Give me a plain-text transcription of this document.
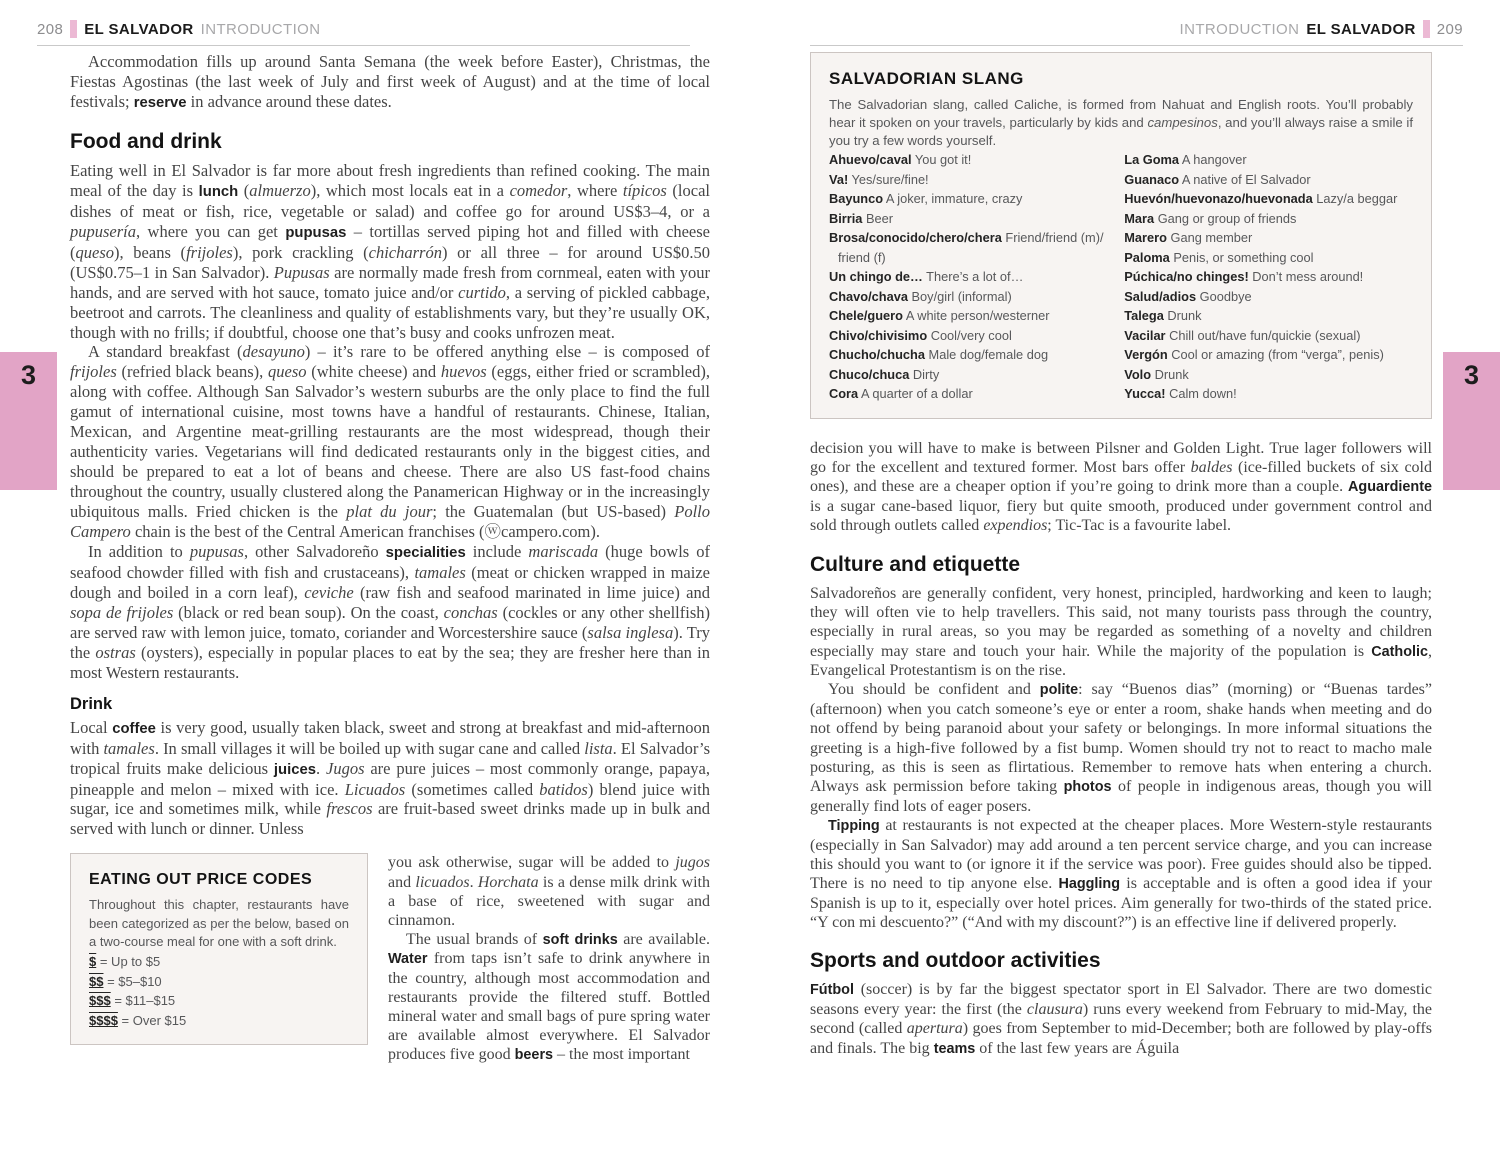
208 EL SALVADOR INTRODUCTION	INTRODUCTION EL SALVADOR 209
3	3

Accommodation fills up around Santa Semana (the week before Easter), Christmas, the Fiestas Agostinas (the last week of July and first week of August) and at the time of local festivals; reserve in advance around these dates.

Food and drink

Eating well in El Salvador is far more about fresh ingredients than refined cooking. The main meal of the day is lunch (almuerzo), which most locals eat in a comedor, where típicos (local dishes of meat or fish, rice, vegetable or salad) and coffee go for around US$3–4, or a pupusería, where you can get pupusas – tortillas served piping hot and filled with cheese (queso), beans (frijoles), pork crackling (chicharrón) or all three – for around US$0.50 (US$0.75–1 in San Salvador). Pupusas are normally made fresh from cornmeal, eaten with your hands, and are served with hot sauce, tomato juice and/or curtido, a serving of pickled cabbage, beetroot and carrots. The cleanliness and quality of establishments vary, but they’re usually OK, though with no frills; if doubtful, choose one that’s busy and cooks unfrozen meat.

A standard breakfast (desayuno) – it’s rare to be offered anything else – is composed of frijoles (refried black beans), queso (white cheese) and huevos (eggs, either fried or scrambled), along with coffee. Although San Salvador’s western suburbs are the only place to find the full gamut of international cuisine, most towns have a handful of restaurants. Chinese, Italian, Mexican, and Argentine meat-grilling restaurants are the most widespread, though their authenticity varies. Vegetarians will find dedicated restaurants only in the biggest cities, and should be prepared to eat a lot of beans and cheese. There are also US fast-food chains throughout the country, usually clustered along the Panamerican Highway or in the increasingly ubiquitous malls. Fried chicken is the plat du jour; the Guatemalan (but US-based) Pollo Campero chain is the best of the Central American franchises (ⓦcampero.com).

In addition to pupusas, other Salvadoreño specialities include mariscada (huge bowls of seafood chowder filled with fish and crustaceans), tamales (meat or chicken wrapped in maize dough and boiled in a corn leaf), ceviche (raw fish and seafood marinated in lime juice) and sopa de frijoles (black or red bean soup). On the coast, conchas (cockles or any other shellfish) are served raw with lemon juice, tomato, coriander and Worcestershire sauce (salsa inglesa). Try the ostras (oysters), especially in popular places to eat by the sea; they are fresher here than in most Western restaurants.

Drink

Local coffee is very good, usually taken black, sweet and strong at breakfast and mid-afternoon with tamales. In small villages it will be boiled up with sugar cane and called lista. El Salvador’s tropical fruits make delicious juices. Jugos are pure juices – most commonly orange, papaya, pineapple and melon – mixed with ice. Licuados (sometimes called batidos) blend juice with sugar, ice and sometimes milk, while frescos are fruit-based sweet drinks made up in bulk and served with lunch or dinner. Unless

EATING OUT PRICE CODES

Throughout this chapter, restaurants have been categorized as per the below, based on a two-course meal for one with a soft drink.

$ = Up to $5
$$ = $5–$10
$$$ = $11–$15
$$$$ = Over $15

you ask otherwise, sugar will be added to jugos and licuados. Horchata is a dense milk drink with a base of rice, sweetened with sugar and cinnamon.

The usual brands of soft drinks are available. Water from taps isn’t safe to drink anywhere in the country, although most accommodation and restaurants provide the filtered stuff. Bottled mineral water and small bags of pure spring water are available almost everywhere. El Salvador produces five good beers – the most important

SALVADORIAN SLANG

The Salvadorian slang, called Caliche, is formed from Nahuat and English roots. You’ll probably hear it spoken on your travels, particularly by kids and campesinos, and you’ll always raise a smile if you try a few words yourself.

Ahuevo/caval You got it!
Va! Yes/sure/fine!
Bayunco A joker, immature, crazy
Birria Beer
Brosa/conocido/chero/chera Friend/friend (m)/ friend (f)
Un chingo de… There’s a lot of…
Chavo/chava Boy/girl (informal)
Chele/guero A white person/westerner
Chivo/chivisimo Cool/very cool
Chucho/chucha Male dog/female dog
Chuco/chuca Dirty
Cora A quarter of a dollar
La Goma A hangover
Guanaco A native of El Salvador
Huevón/huevonazo/huevonada Lazy/a beggar
Mara Gang or group of friends
Marero Gang member
Paloma Penis, or something cool
Púchica/no chinges! Don’t mess around!
Salud/adios Goodbye
Talega Drunk
Vacilar Chill out/have fun/quickie (sexual)
Vergón Cool or amazing (from “verga”, penis)
Volo Drunk
Yucca! Calm down!

decision you will have to make is between Pilsner and Golden Light. True lager followers will go for the excellent and textured former. Most bars offer baldes (ice-filled buckets of six cold ones), and these are a cheaper option if you’re going to drink more than a couple. Aguardiente is a sugar cane-based liquor, fiery but quite smooth, produced under government control and sold through outlets called expendios; Tic-Tac is a favourite label.

Culture and etiquette

Salvadoreños are generally confident, very honest, principled, hardworking and keen to laugh; they will often vie to help travellers. This said, not many tourists pass through the country, especially in rural areas, so you may be regarded as something of a novelty and children especially may stare and touch your hair. While the majority of the population is Catholic, Evangelical Protestantism is on the rise.

You should be confident and polite: say “Buenos dias” (morning) or “Buenas tardes” (afternoon) when you catch someone’s eye or enter a room, shake hands when meeting and do not offend by being paranoid about your safety or belongings. In more informal situations the greeting is a high-five followed by a fist bump. Women should try not to react to macho male posturing, as this is seen as flirtatious. Remember to remove hats when entering a church. Always ask permission before taking photos of people in indigenous areas, though you will generally find lots of eager posers.

Tipping at restaurants is not expected at the cheaper places. More Western-style restaurants (especially in San Salvador) may add around a ten percent service charge, and you can increase this should you want to (or ignore it if the service was poor). Free guides should also be tipped. There is no need to tip anyone else. Haggling is acceptable and is often a good idea if your Spanish is up to it, especially over hotel prices. Aim generally for two-thirds of the stated price. “Y con mi descuento?” (“And with my discount?”) is an effective line if delivered properly.

Sports and outdoor activities

Fútbol (soccer) is by far the biggest spectator sport in El Salvador. There are two domestic seasons every year: the first (the clausura) runs every weekend from February to mid-May, the second (called apertura) goes from September to mid-December; both are followed by play-offs and finals. The big teams of the last few years are Águila
